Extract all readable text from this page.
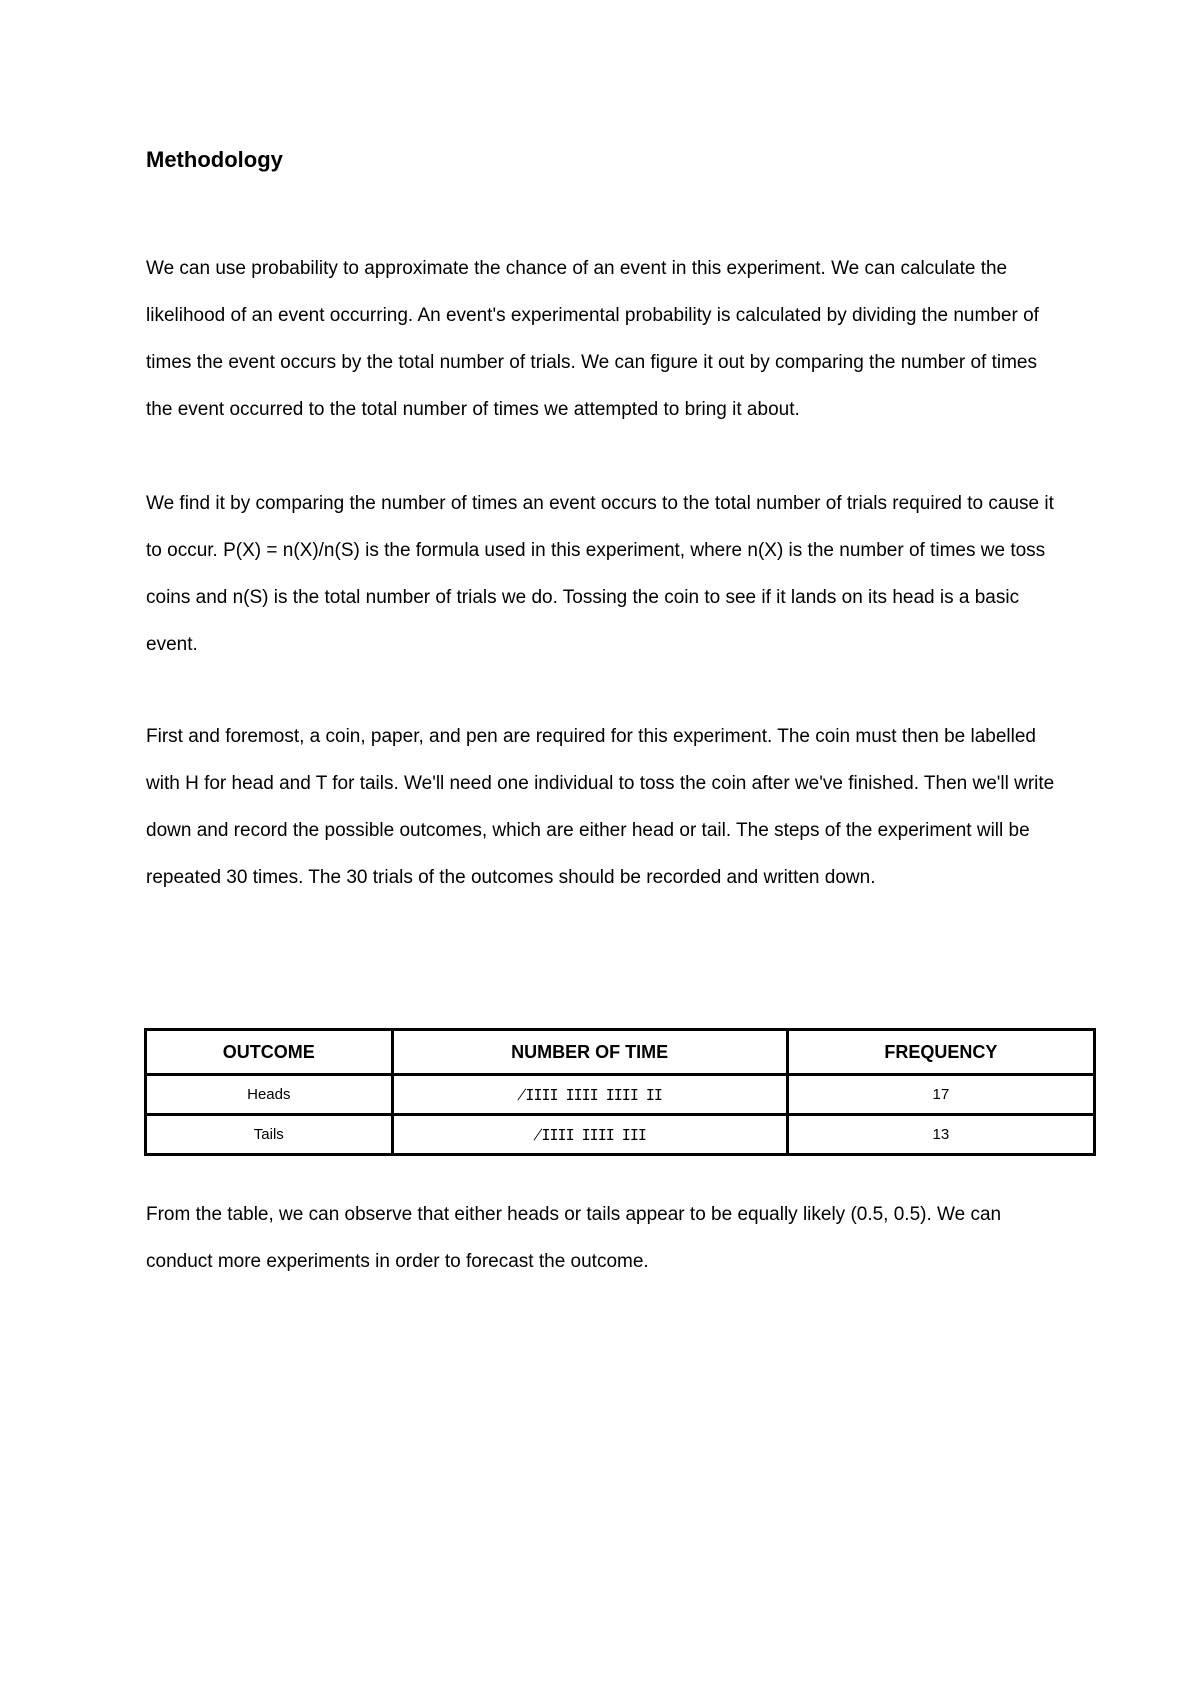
Methodology

We can use probability to approximate the chance of an event in this experiment. We can calculate the likelihood of an event occurring. An event's experimental probability is calculated by dividing the number of times the event occurs by the total number of trials. We can figure it out by comparing the number of times the event occurred to the total number of times we attempted to bring it about.

We find it by comparing the number of times an event occurs to the total number of trials required to cause it to occur. P(X) = n(X)/n(S) is the formula used in this experiment, where n(X) is the number of times we toss coins and n(S) is the total number of trials we do. Tossing the coin to see if it lands on its head is a basic event.

First and foremost, a coin, paper, and pen are required for this experiment. The coin must then be labelled with H for head and T for tails. We'll need one individual to toss the coin after we've finished. Then we'll write down and record the possible outcomes, which are either head or tail. The steps of the experiment will be repeated 30 times. The 30 trials of the outcomes should be recorded and written down.

OUTCOME	NUMBER OF TIME	FREQUENCY
Heads	̸IIII IIII IIII II	17
Tails	̸IIII IIII III	13

From the table, we can observe that either heads or tails appear to be equally likely (0.5, 0.5). We can conduct more experiments in order to forecast the outcome.
